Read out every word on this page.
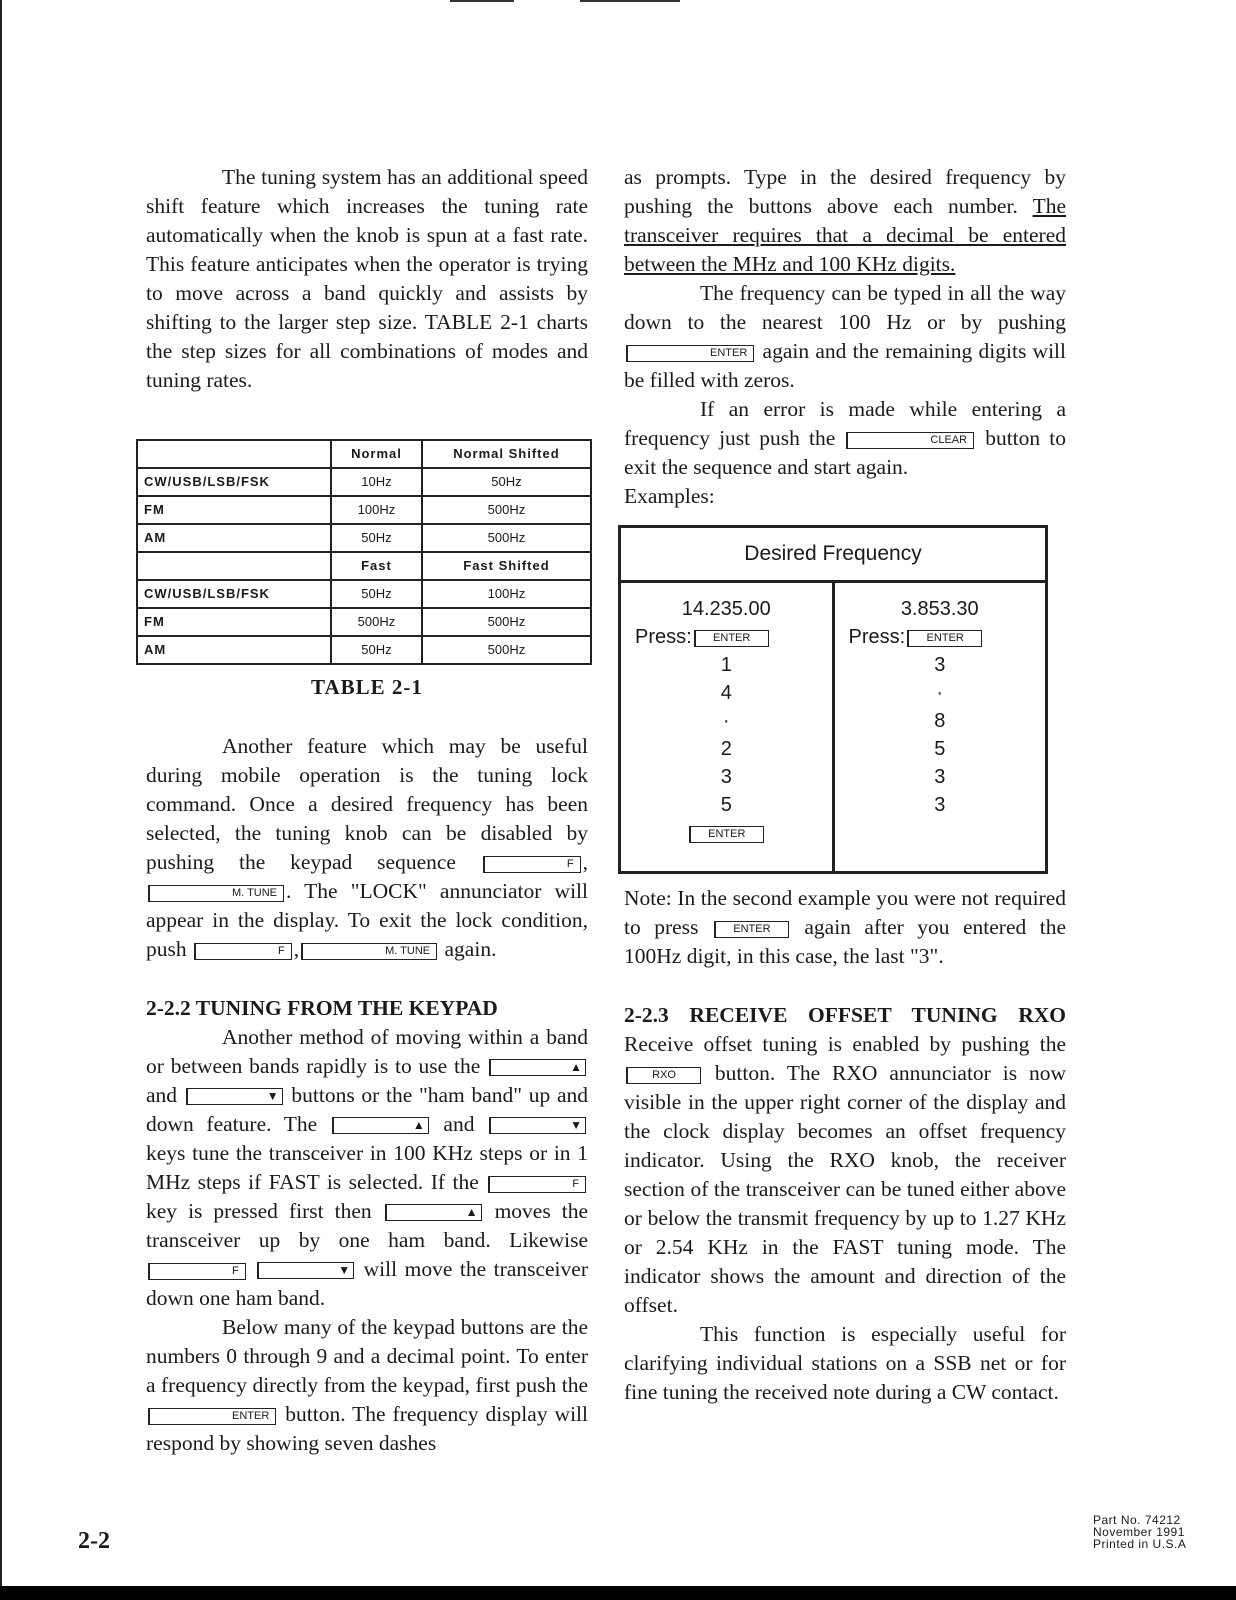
The tuning system has an additional speed shift feature which increases the tuning rate automatically when the knob is spun at a fast rate. This feature anticipates when the operator is trying to move across a band quickly and assists by shifting to the larger step size. TABLE 2-1 charts the step sizes for all combinations of modes and tuning rates.

	Normal	Normal Shifted
CW/USB/LSB/FSK	10Hz	50Hz
FM	100Hz	500Hz
AM	50Hz	500Hz
	Fast	Fast Shifted
CW/USB/LSB/FSK	50Hz	100Hz
FM	500Hz	500Hz
AM	50Hz	500Hz
TABLE 2-1

Another feature which may be useful during mobile operation is the tuning lock command. Once a desired frequency has been selected, the tuning knob can be disabled by pushing the keypad sequence	F ,M. TUNE . The "LOCK" annunciator will appear in the display. To exit the lock condition, push	F ,	M. TUNE again.

2-2.2 TUNING FROM THE KEYPAD

Another method of moving within a band or between bands rapidly is to use the	▲ and	▼ buttons or the "ham band" up and down feature. The	▲ and	▼ keys tune the transceiver in 100 KHz steps or in 1 MHz steps if FAST is selected. If the	F key is pressed first then	▲ moves the transceiver up by one ham band. Likewise F	▼ will move the transceiver down one ham band.

Below many of the keypad buttons are the numbers 0 through 9 and a decimal point. To enter a frequency directly from the keypad, first push the ENTER button. The frequency display will respond by showing seven dashes

as prompts. Type in the desired frequency by pushing the buttons above each number. The transceiver requires that a decimal be entered between the MHz and 100 KHz digits.

The frequency can be typed in all the way down to the nearest 100 Hz or by pushing ENTER again and the remaining digits will be filled with zeros.

If an error is made while entering a frequency just push the	CLEAR button to exit the sequence and start again.

Examples:

Desired Frequency

14.235.00
Press: ENTER
1
4
·
2
3
5
ENTER

3.853.30
Press: ENTER
3
·
8
5
3
3

Note: In the second example you were not required to press	ENTER again after you entered the 100Hz digit, in this case, the last "3".

2-2.3 RECEIVE OFFSET TUNING RXO Receive offset tuning is enabled by pushing the RXO button. The RXO annunciator is now visible in the upper right corner of the display and the clock display becomes an offset frequency indicator. Using the RXO knob, the receiver section of the transceiver can be tuned either above or below the transmit frequency by up to 1.27 KHz or 2.54 KHz in the FAST tuning mode. The indicator shows the amount and direction of the offset.

This function is especially useful for clarifying individual stations on a SSB net or for fine tuning the received note during a CW contact.

2-2
Part No. 74212
November 1991
Printed in U.S.A
